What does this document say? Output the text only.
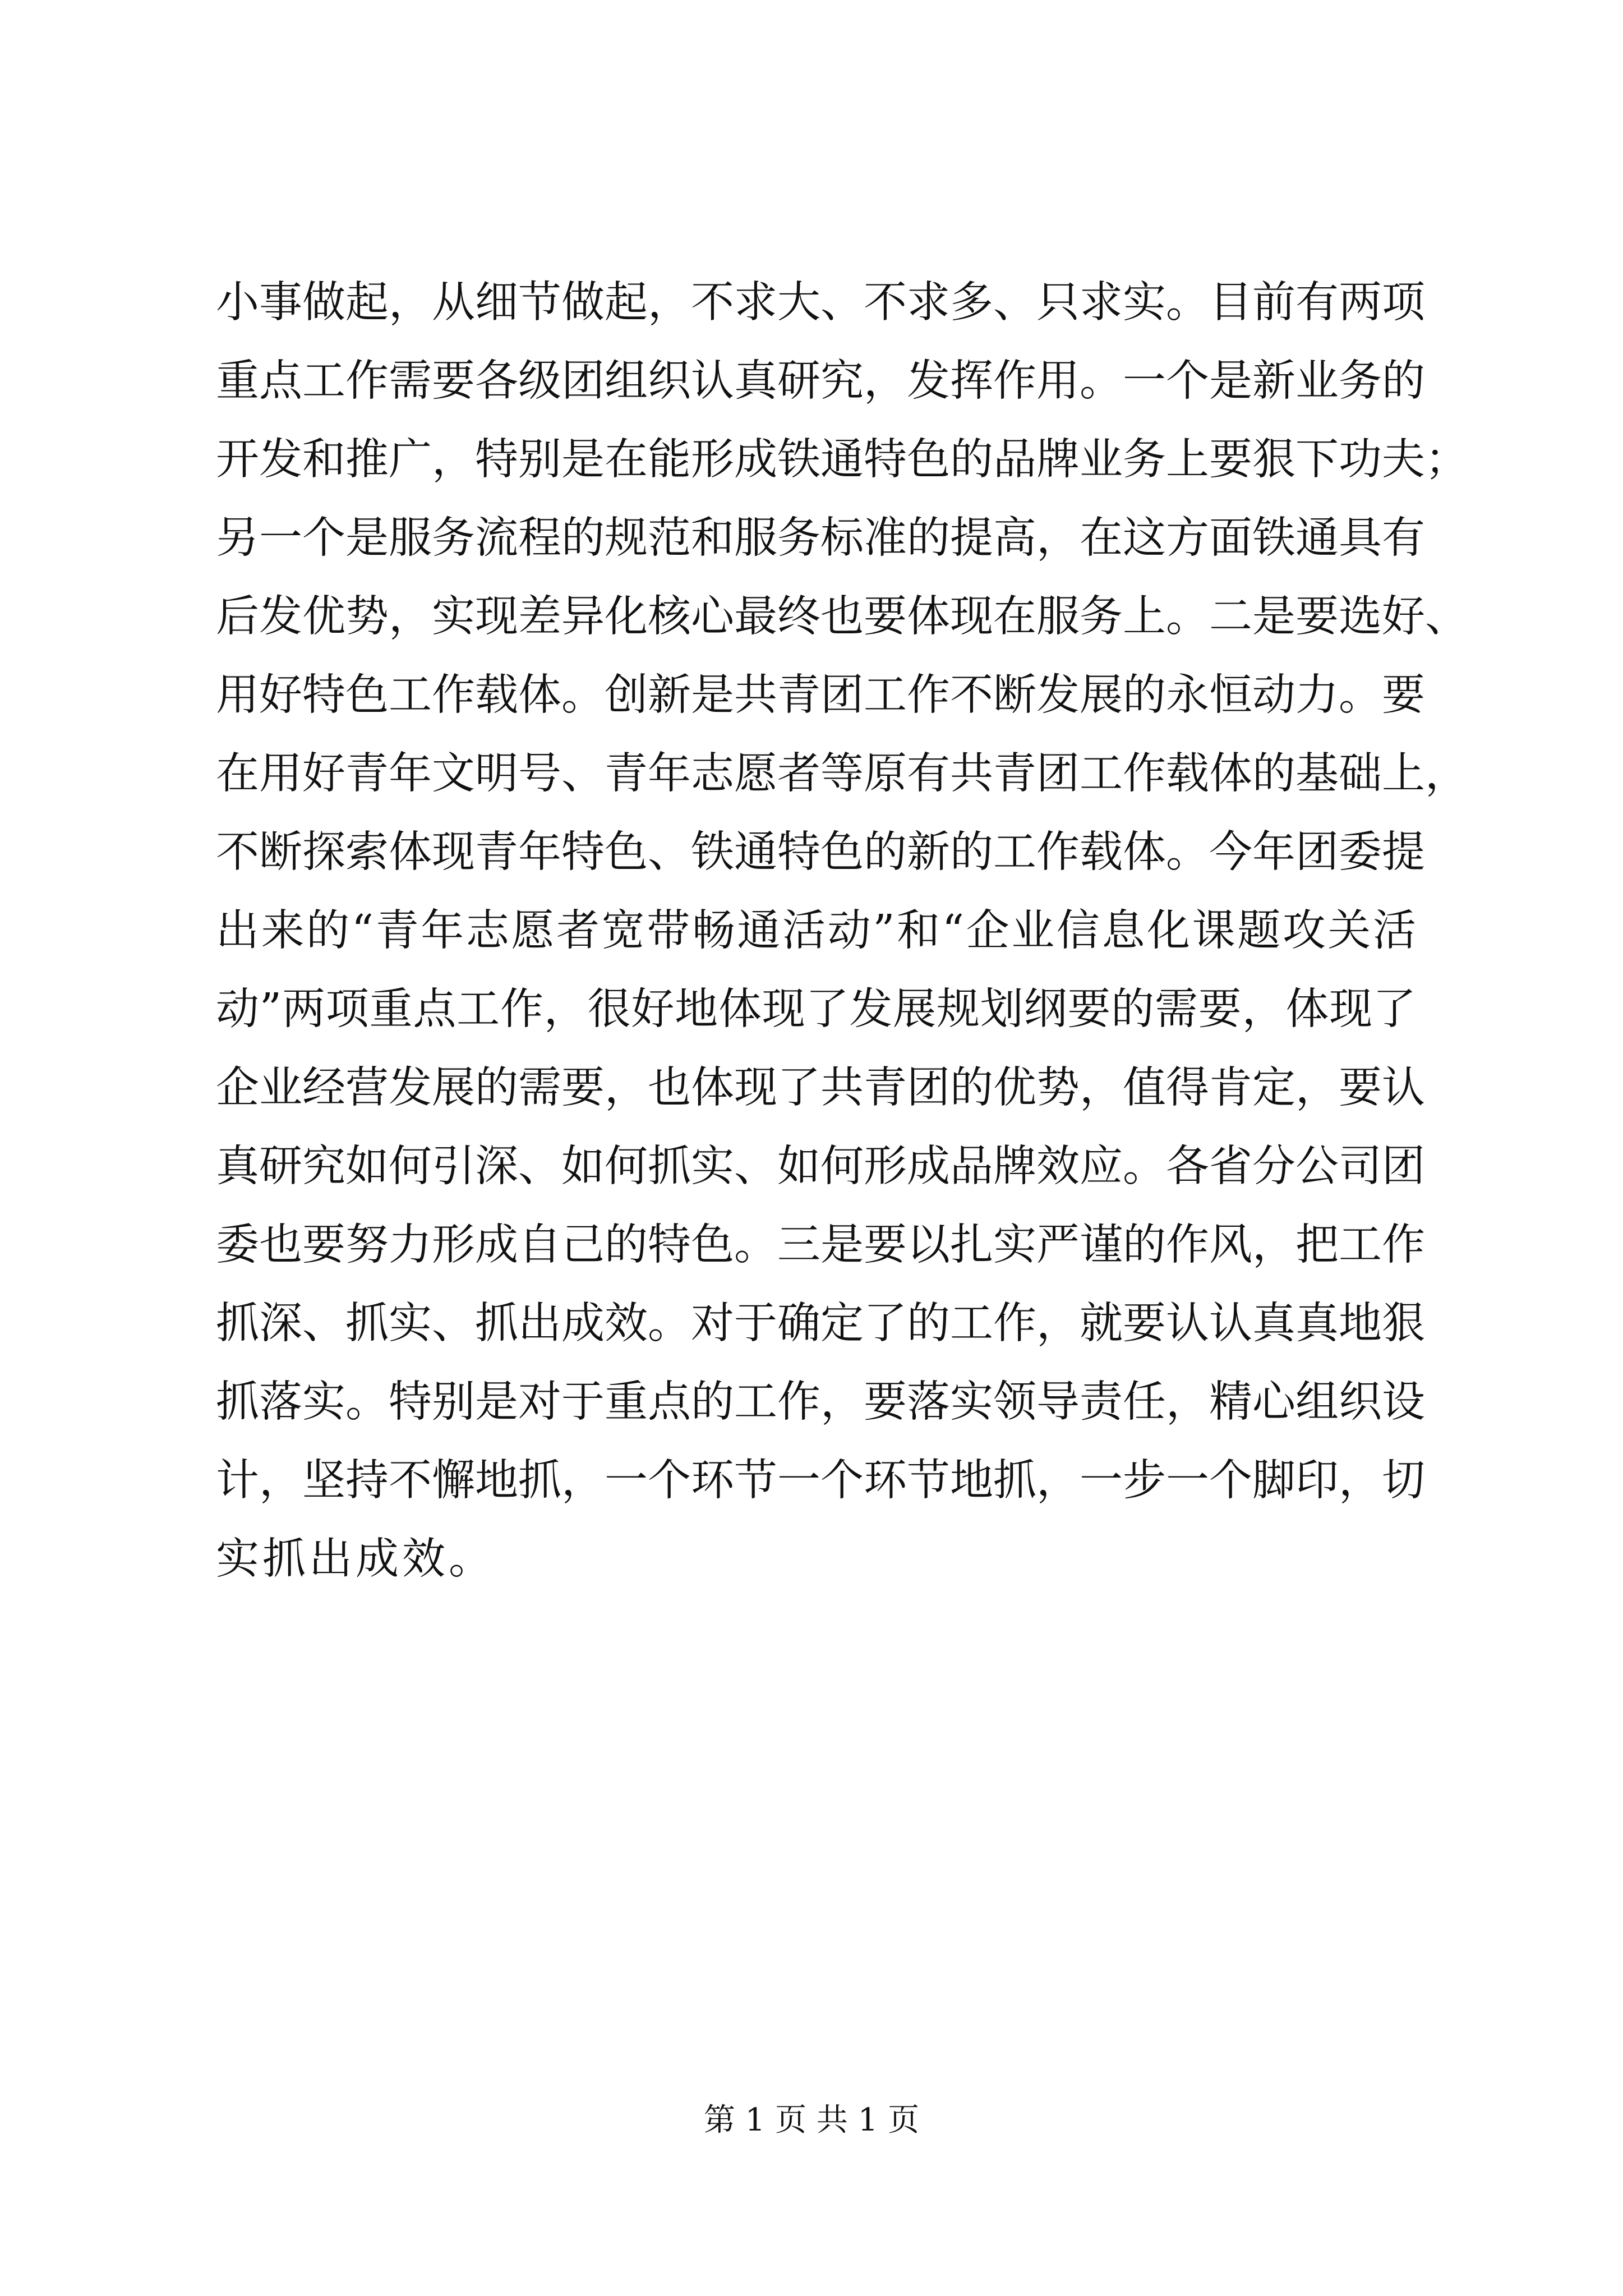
小事做起，从细节做起，不求大、不求多、只求实。目前有两项
重点工作需要各级团组织认真研究，发挥作用。一个是新业务的
开发和推广，特别是在能形成铁通特色的品牌业务上要狠下功夫；
另一个是服务流程的规范和服务标准的提高，在这方面铁通具有
后发优势，实现差异化核心最终也要体现在服务上。二是要选好、
用好特色工作载体。创新是共青团工作不断发展的永恒动力。要
在用好青年文明号、青年志愿者等原有共青团工作载体的基础上，
不断探索体现青年特色、铁通特色的新的工作载体。今年团委提
出来的“青年志愿者宽带畅通活动”和“企业信息化课题攻关活
动”两项重点工作，很好地体现了发展规划纲要的需要，体现了
企业经营发展的需要，也体现了共青团的优势，值得肯定，要认
真研究如何引深、如何抓实、如何形成品牌效应。各省分公司团
委也要努力形成自己的特色。三是要以扎实严谨的作风，把工作
抓深、抓实、抓出成效。对于确定了的工作，就要认认真真地狠
抓落实。特别是对于重点的工作，要落实领导责任，精心组织设
计，坚持不懈地抓，一个环节一个环节地抓，一步一个脚印，切
实抓出成效。
第 1 页 共 1 页
